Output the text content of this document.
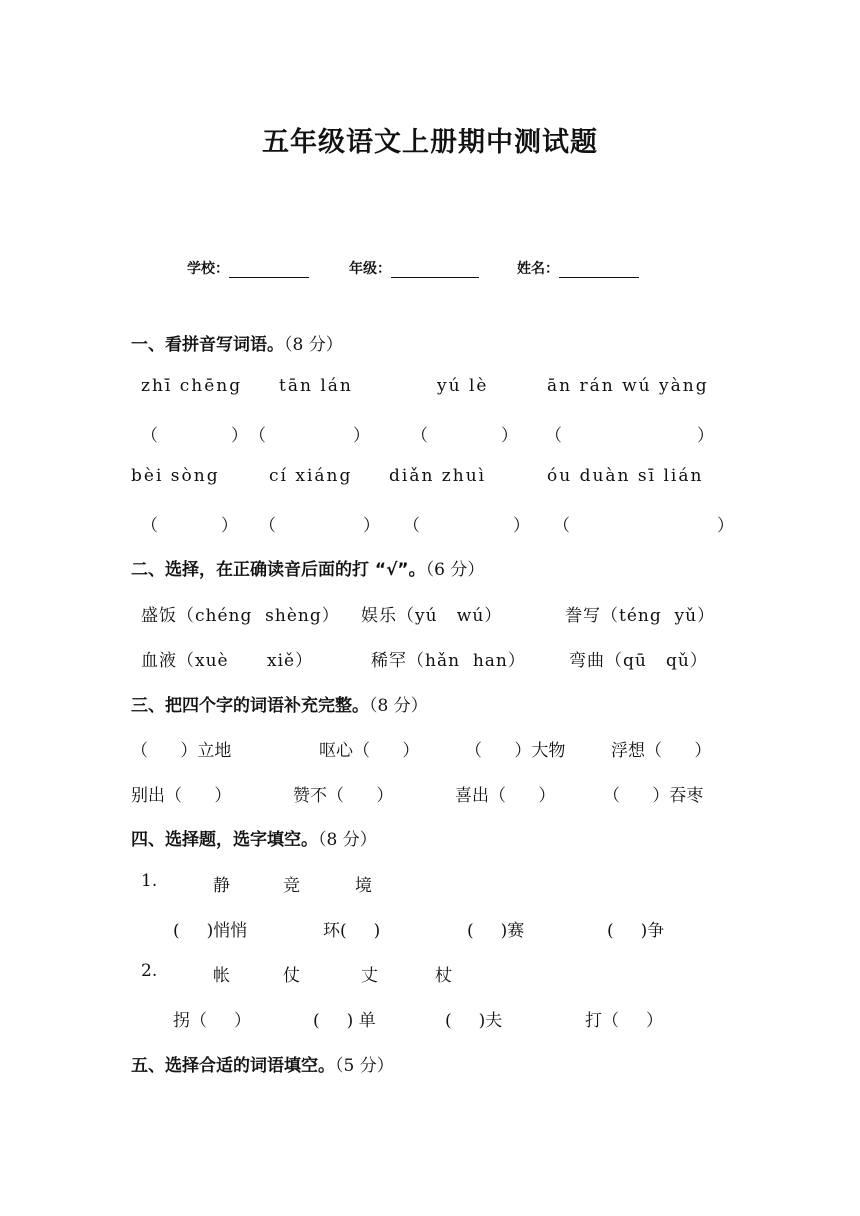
五年级语文上册期中测试题
学校：	年级：	姓名：
一、看拼音写词语。（8 分）
zhī chēng tān lán	yú lè	ān rán wú yàng
（	） （	） （	） （	）
bèi sòng	cí xiáng diǎn zhuì	óu duàn sī lián
（	） （	） （	） （	）
二、选择，在正确读音后面的打 “√”。（6 分）
盛饭（chéng  shèng） 娱乐（yú   wú）	誊写（téng  yǔ）
血液（xuè      xiě）	稀罕（hǎn  han）	弯曲（qū   qǔ）
三、把四个字的词语补充完整。（8 分）
（      ）立地	呕心（      ）	（      ）大物	浮想（      ）
别出（      ）	赞不（      ）	喜出（      ）	（      ）吞枣
四、选择题，选字填空。（8 分）
1.	静	竞	境
(     )悄悄	环(     )	(     )赛	(     )争
2.	帐	仗	丈	杖
拐（     ）	(     ) 单	(     )夫	打（     ）
五、选择合适的词语填空。（5 分）
